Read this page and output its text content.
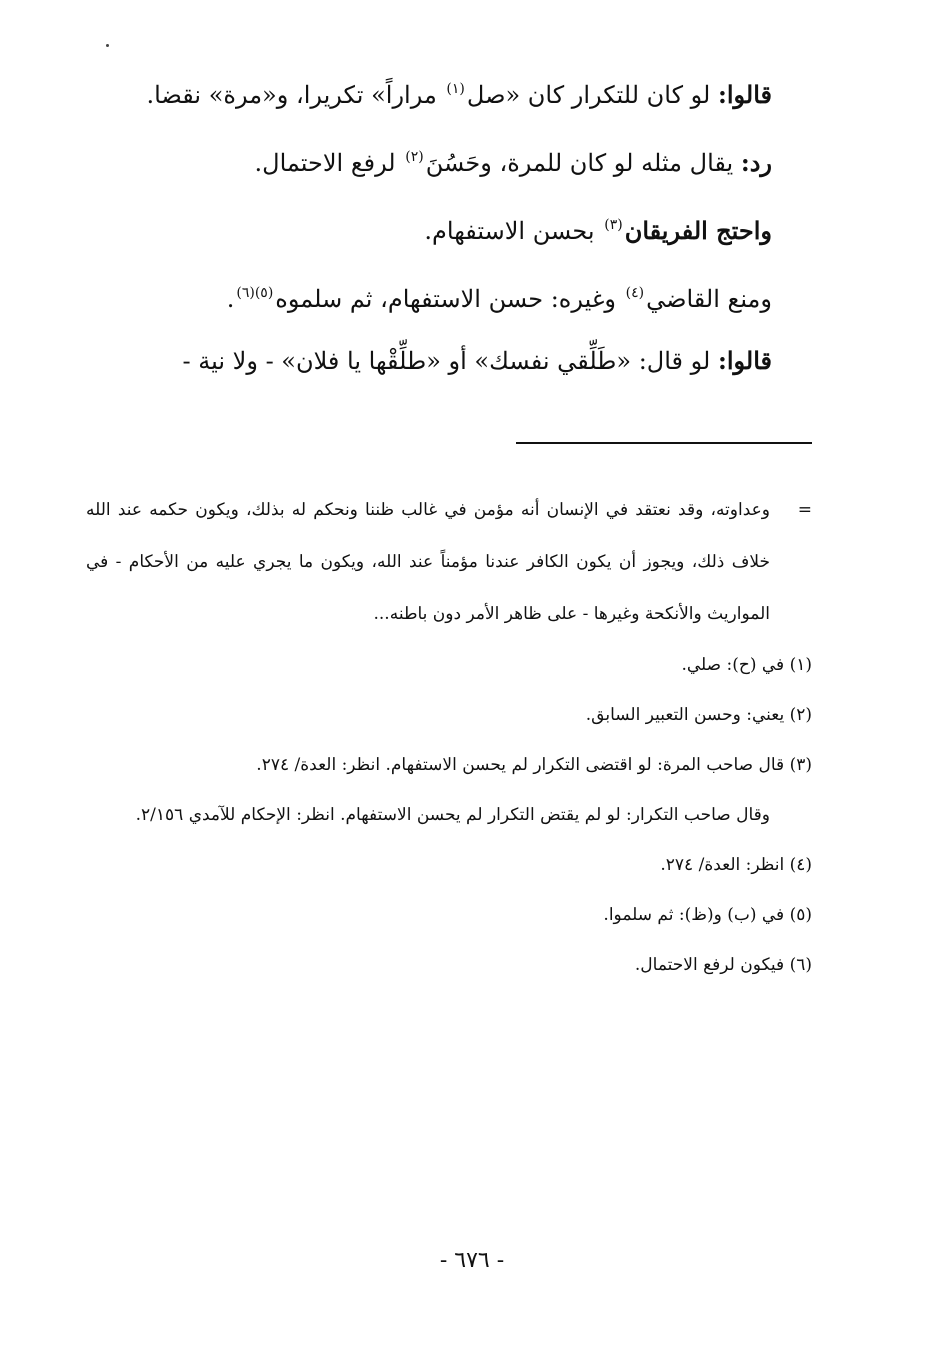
قالوا: لو كان للتكرار كان «صل$^{(١)}$ مراراً» تكريرا، و«مرة» نقضا.
رد: يقال مثله لو كان للمرة، وحَسُنَ$^{(٢)}$ لرفع الاحتمال.
واحتج الفريقان$^{(٣)}$ بحسن الاستفهام.
ومنع القاضي$^{(٤)}$ وغيره: حسن الاستفهام، ثم سلموه$^{(٥)(٦)}$.
قالوا: لو قال: «طَلِّقي نفسك» أو «طلِّقْها يا فلان» - ولا نية -
=
وعداوته، وقد نعتقد في الإنسان أنه مؤمن في غالب ظننا ونحكم له بذلك، ويكون حكمه عند الله خلاف ذلك، ويجوز أن يكون الكافر عندنا مؤمناً عند الله، ويكون ما يجري عليه من الأحكام - في المواريث والأنكحة وغيرها - على ظاهر الأمر دون باطنه...
(١) في (ح): صلي.
(٢) يعني: وحسن التعبير السابق.
(٣) قال صاحب المرة: لو اقتضى التكرار لم يحسن الاستفهام. انظر: العدة/ ٢٧٤.
وقال صاحب التكرار: لو لم يقتض التكرار لم يحسن الاستفهام. انظر: الإحكام للآمدي ٢/١٥٦.
(٤) انظر: العدة/ ٢٧٤.
(٥) في (ب) و(ظ): ثم سلموا.
(٦) فيكون لرفع الاحتمال.
- ٦٧٦ -
